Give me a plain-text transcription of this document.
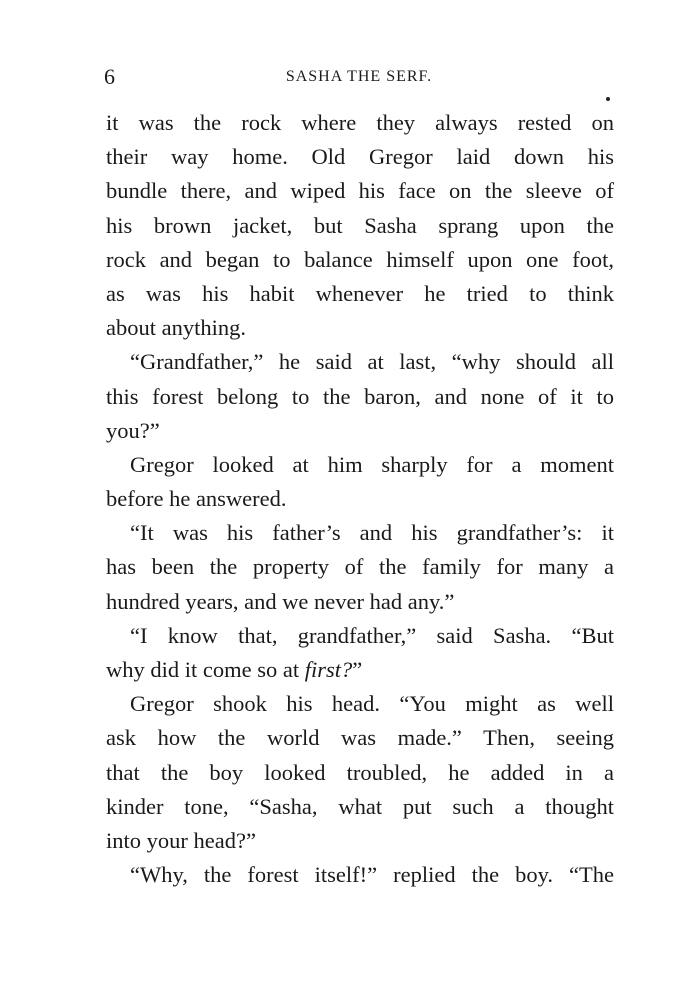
6	SASHA THE SERF.
it was the rock where they always rested on
their way home. Old Gregor laid down his
bundle there, and wiped his face on the sleeve of
his brown jacket, but Sasha sprang upon the
rock and began to balance himself upon one foot,
as was his habit whenever he tried to think
about anything.
“Grandfather,” he said at last, “why should all
this forest belong to the baron, and none of it to
you?”
Gregor looked at him sharply for a moment
before he answered.
“It was his father’s and his grandfather’s: it
has been the property of the family for many a
hundred years, and we never had any.”
“I know that, grandfather,” said Sasha. “But
why did it come so at first?”
Gregor shook his head. “You might as well
ask how the world was made.” Then, seeing
that the boy looked troubled, he added in a
kinder tone, “Sasha, what put such a thought
into your head?”
“Why, the forest itself!” replied the boy. “The
